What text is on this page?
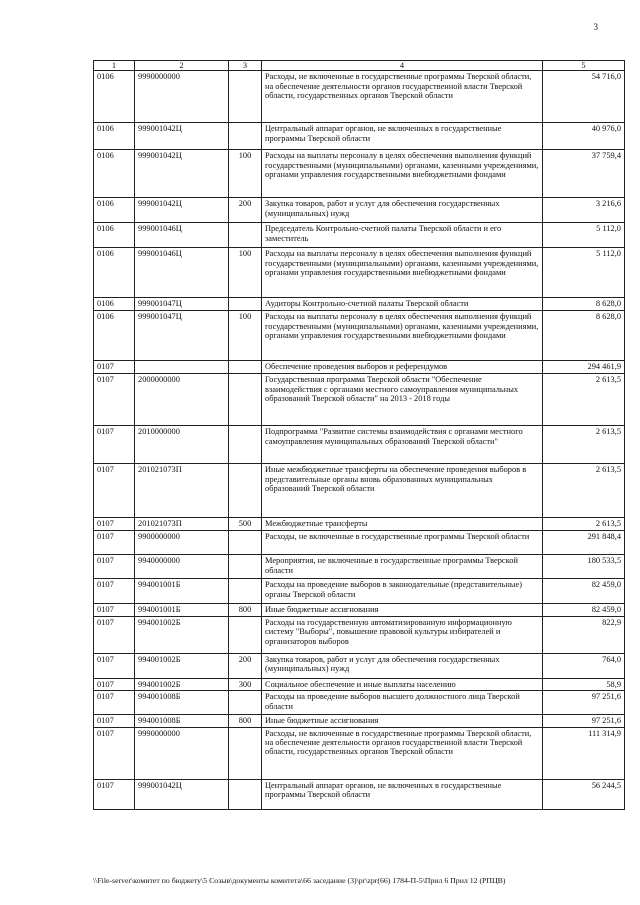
3
1	2	3	4	5
0106	9990000000		Расходы, не включенные в государственные программы Тверской области, на обеспечение деятельности органов государственной власти Тверской области, государственных органов Тверской области	54 716,0
0106	999001042Ц		Центральный аппарат органов, не включенных в государственные программы Тверской области	40 976,0
0106	999001042Ц	100	Расходы на выплаты персоналу в целях обеспечения выполнения функций государственными (муниципальными) органами, казенными учреждениями, органами управления государственными внебюджетными фондами	37 759,4
0106	999001042Ц	200	Закупка товаров, работ и услуг для обеспечения государственных (муниципальных) нужд	3 216,6
0106	999001046Ц		Председатель Контрольно-счетной палаты Тверской области и его заместитель	5 112,0
0106	999001046Ц	100	Расходы на выплаты персоналу в целях обеспечения выполнения функций государственными (муниципальными) органами, казенными учреждениями, органами управления государственными внебюджетными фондами	5 112,0
0106	999001047Ц		Аудиторы Контрольно-счетной палаты Тверской области	8 628,0
0106	999001047Ц	100	Расходы на выплаты персоналу в целях обеспечения выполнения функций государственными (муниципальными) органами, казенными учреждениями, органами управления государственными внебюджетными фондами	8 628,0
0107			Обеспечение проведения выборов и референдумов	294 461,9
0107	2000000000		Государственная программа Тверской области "Обеспечение взаимодействия с органами местного самоуправления муниципальных образований Тверской области" на 2013 - 2018 годы	2 613,5
0107	2010000000		Подпрограмма "Развитие системы взаимодействия с органами местного самоуправления муниципальных образований Тверской области"	2 613,5
0107	201021073П		Иные межбюджетные трансферты на обеспечение проведения выборов в представительные органы вновь образованных муниципальных образований Тверской области	2 613,5
0107	201021073П	500	Межбюджетные трансферты	2 613,5
0107	9900000000		Расходы, не включенные в государственные программы Тверской области	291 848,4
0107	9940000000		Мероприятия, не включенные в государственные программы Тверской области	180 533,5
0107	994001001Б		Расходы на проведение выборов в законодательные (представительные) органы Тверской области	82 459,0
0107	994001001Б	800	Иные бюджетные ассигнования	82 459,0
0107	994001002Б		Расходы на государственную автоматизированную информационную систему "Выборы", повышение правовой культуры избирателей и организаторов выборов	822,9
0107	994001002Б	200	Закупка товаров, работ и услуг для обеспечения государственных (муниципальных) нужд	764,0
0107	994001002Б	300	Социальное обеспечение и иные выплаты населению	58,9
0107	994001008Б		Расходы на проведение выборов высшего должностного лица Тверской области	97 251,6
0107	994001008Б	800	Иные бюджетные ассигнования	97 251,6
0107	9990000000		Расходы, не включенные в государственные программы Тверской области, на обеспечение деятельности органов государственной власти Тверской области, государственных органов Тверской области	111 314,9
0107	999001042Ц		Центральный аппарат органов, не включенных в государственные программы Тверской области	56 244,5
\\File-server\комитет по бюджету\5 Созыв\документы комитета\66 заседание (3)\pr\zpr(66) 1784-П-5\Прил 6 Прил 12 (РПЦВ)
